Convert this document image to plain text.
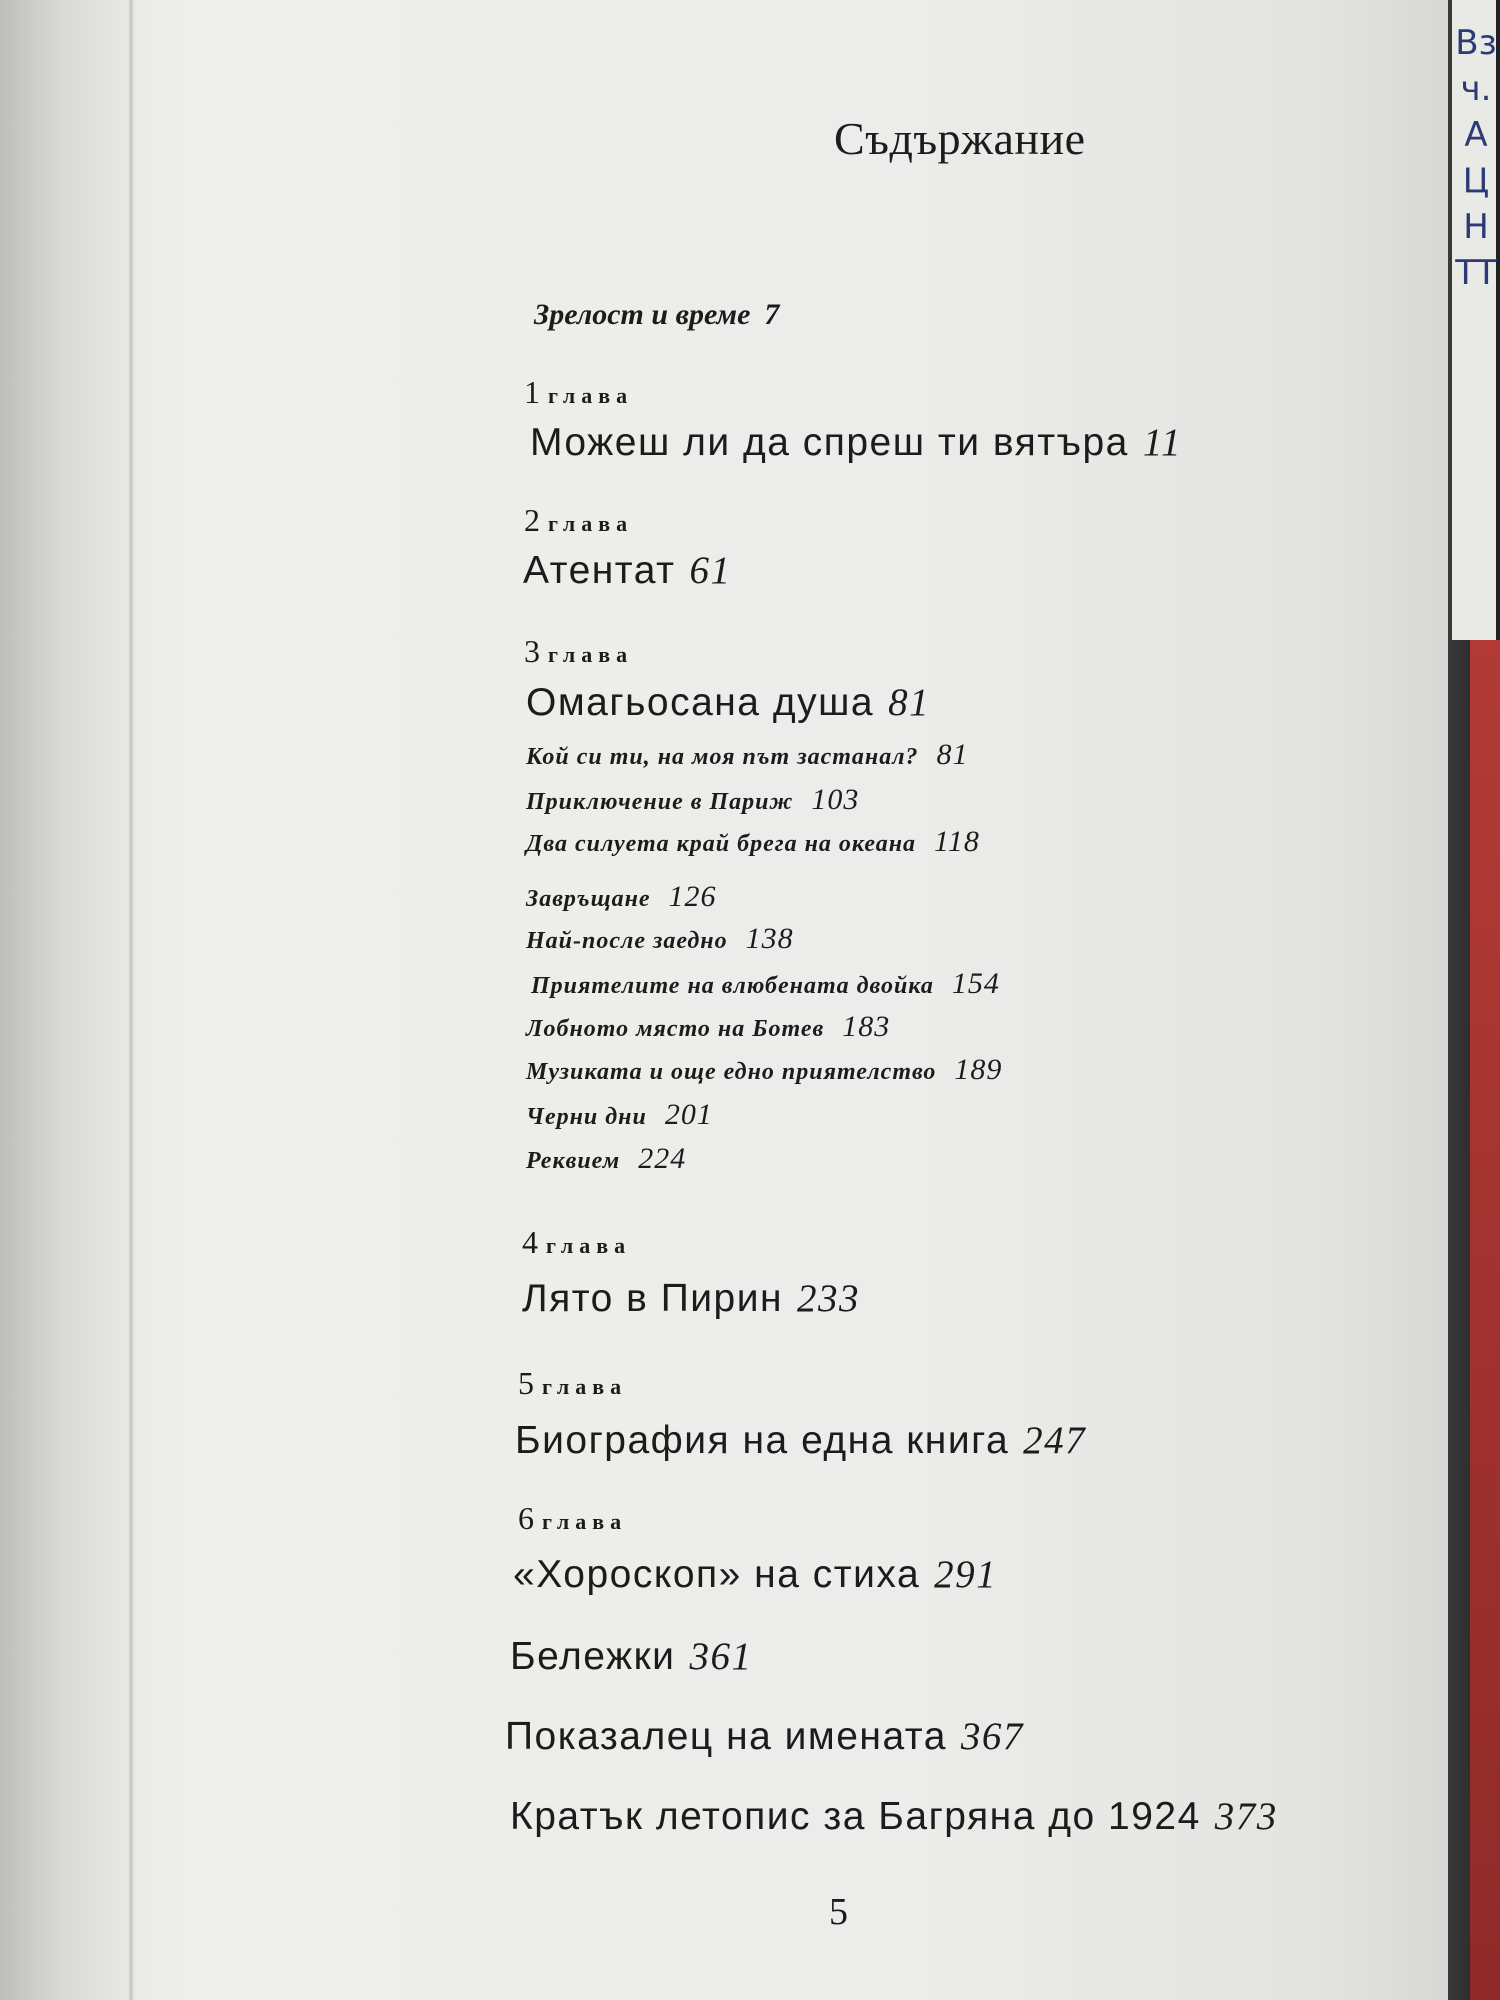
Съдържание
Зрелост и време 7
1 глава
Можеш ли да спреш ти вятъра 11
2 глава
Атентат 61
3 глава
Омагьосана душа 81
Кой си ти, на моя път застанал? 81
Приключение в Париж 103
Два силуета край брега на океана 118
Завръщане 126
Най-после заедно 138
Приятелите на влюбената двойка 154
Лобното място на Ботев 183
Музиката и още едно приятелство 189
Черни дни 201
Реквием 224
4 глава
Лято в Пирин 233
5 глава
Биография на една книга 247
6 глава
«Хороскоп» на стиха 291
Бележки 361
Показалец на имената 367
Кратък летопис за Багряна до 1924 373
5
Взч. АЦНТТ
